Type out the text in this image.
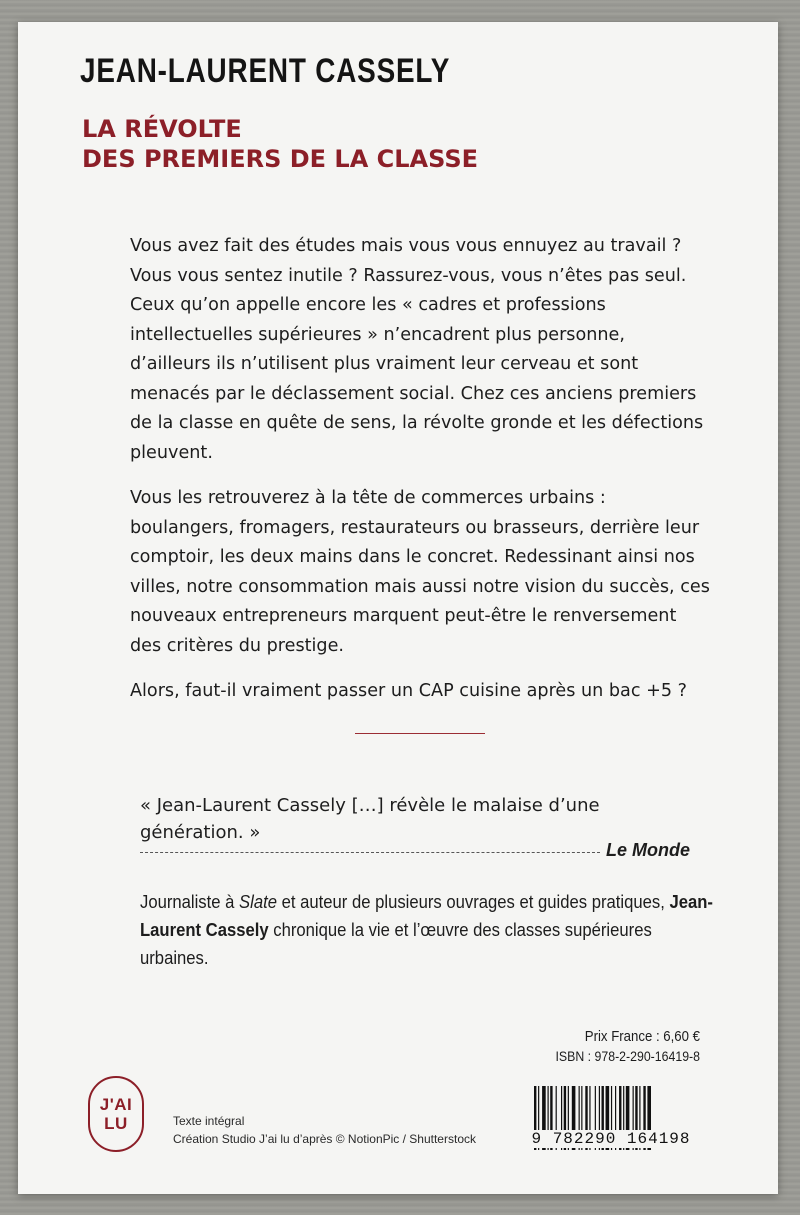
JEAN-LAURENT CASSELY
LA RÉVOLTE
DES PREMIERS DE LA CLASSE

Vous avez fait des études mais vous vous ennuyez au travail ? Vous vous sentez inutile ? Rassurez-vous, vous n’êtes pas seul. Ceux qu’on appelle encore les « cadres et professions intellectuelles supérieures » n’encadrent plus personne, d’ailleurs ils n’utilisent plus vraiment leur cerveau et sont menacés par le déclassement social. Chez ces anciens premiers de la classe en quête de sens, la révolte gronde et les défections pleuvent.

Vous les retrouverez à la tête de commerces urbains : boulangers, fromagers, restaurateurs ou brasseurs, derrière leur comptoir, les deux mains dans le concret. Redessinant ainsi nos villes, notre consommation mais aussi notre vision du succès, ces nouveaux entrepreneurs marquent peut-être le renversement des critères du prestige.

Alors, faut-il vraiment passer un CAP cuisine après un bac +5 ?

« Jean-Laurent Cassely […] révèle le malaise d’une génération. »
Le Monde
Journaliste à Slate et auteur de plusieurs ouvrages et guides pratiques, Jean-Laurent Cassely chronique la vie et l’œuvre des classes supérieures urbaines.
J'AI
LU	Texte intégral
Création Studio J’ai lu d’après © NotionPic / Shutterstock
Prix France : 6,60 €
ISBN : 978-2-290-16419-8
9 782290 164198
